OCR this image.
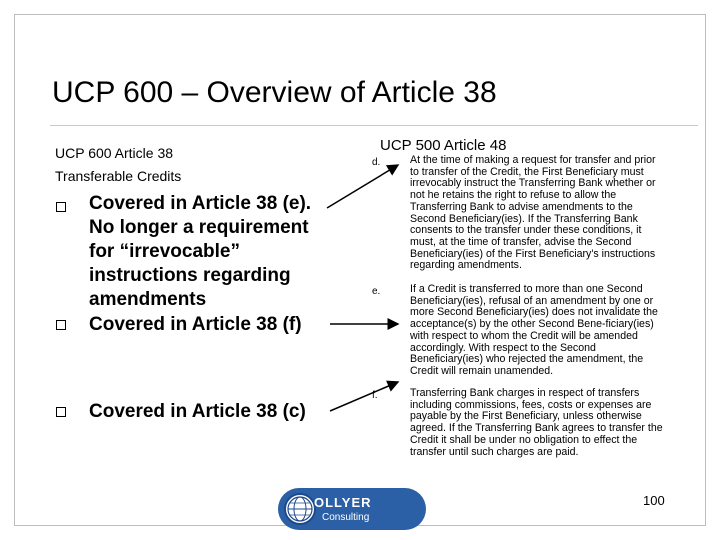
UCP 600 – Overview of Article 38
UCP 600 Article 38
Transferable Credits
Covered in Article 38 (e). No longer a requirement for “irrevocable” instructions regarding amendments
Covered in Article 38 (f)
Covered in Article 38 (c)
UCP 500 Article 48
d.	At the time of making a request for transfer and prior to transfer of the Credit, the First Beneficiary must irrevocably instruct the Transferring Bank whether or not he retains the right to refuse to allow the Transferring Bank to advise amendments to the Second Beneficiary(ies). If the Transferring Bank consents to the transfer under these conditions, it must, at the time of transfer, advise the Second Beneficiary(ies) of the First Beneficiary's instructions regarding amendments.
e.	If a Credit is transferred to more than one Second Beneficiary(ies), refusal of an amendment by one or more Second Beneficiary(ies) does not invalidate the acceptance(s) by the other Second Bene-ficiary(ies) with respect to whom the Credit will be amended accordingly. With respect to the Second Beneficiary(ies) who rejected the amendment, the Credit will remain unamended.
f.	Transferring Bank charges in respect of transfers including commissions, fees, costs or expenses are payable by the First Beneficiary, unless otherwise agreed. If the Transferring Bank agrees to transfer the Credit it shall be under no obligation to effect the transfer until such charges are paid.
OLLYER
Consulting
100
